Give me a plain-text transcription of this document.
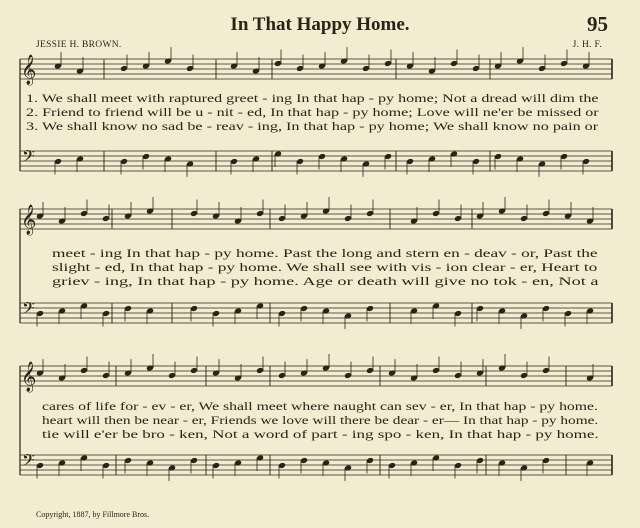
In That Happy Home.	95
JESSIE H. BROWN.	J. H. F.
𝄞
𝄢
𝄞
𝄢
𝄞
𝄢
1. We shall meet with raptured greet - ing In that hap - py home; Not a dread will dim the
2. Friend to friend will be u - nit - ed, In that hap - py home; Love will ne'er be missed or
3. We shall know no sad be - reav - ing, In that hap - py home; We shall know no pain or
meet - ing In that hap - py home. Past the long and stern en - deav - or, Past the
slight - ed, In that hap - py home. We shall see with vis - ion clear - er, Heart to
griev - ing, In that hap - py home. Age or death will give no tok - en, Not a
cares of life for - ev - er, We shall meet where naught can sev - er, In that hap - py home.
heart will then be near - er, Friends we love will there be dear - er— In that hap - py home.
tie will e'er be bro - ken, Not a word of part - ing spo - ken, In that hap - py home.
Copyright, 1887, by Fillmore Bros.
